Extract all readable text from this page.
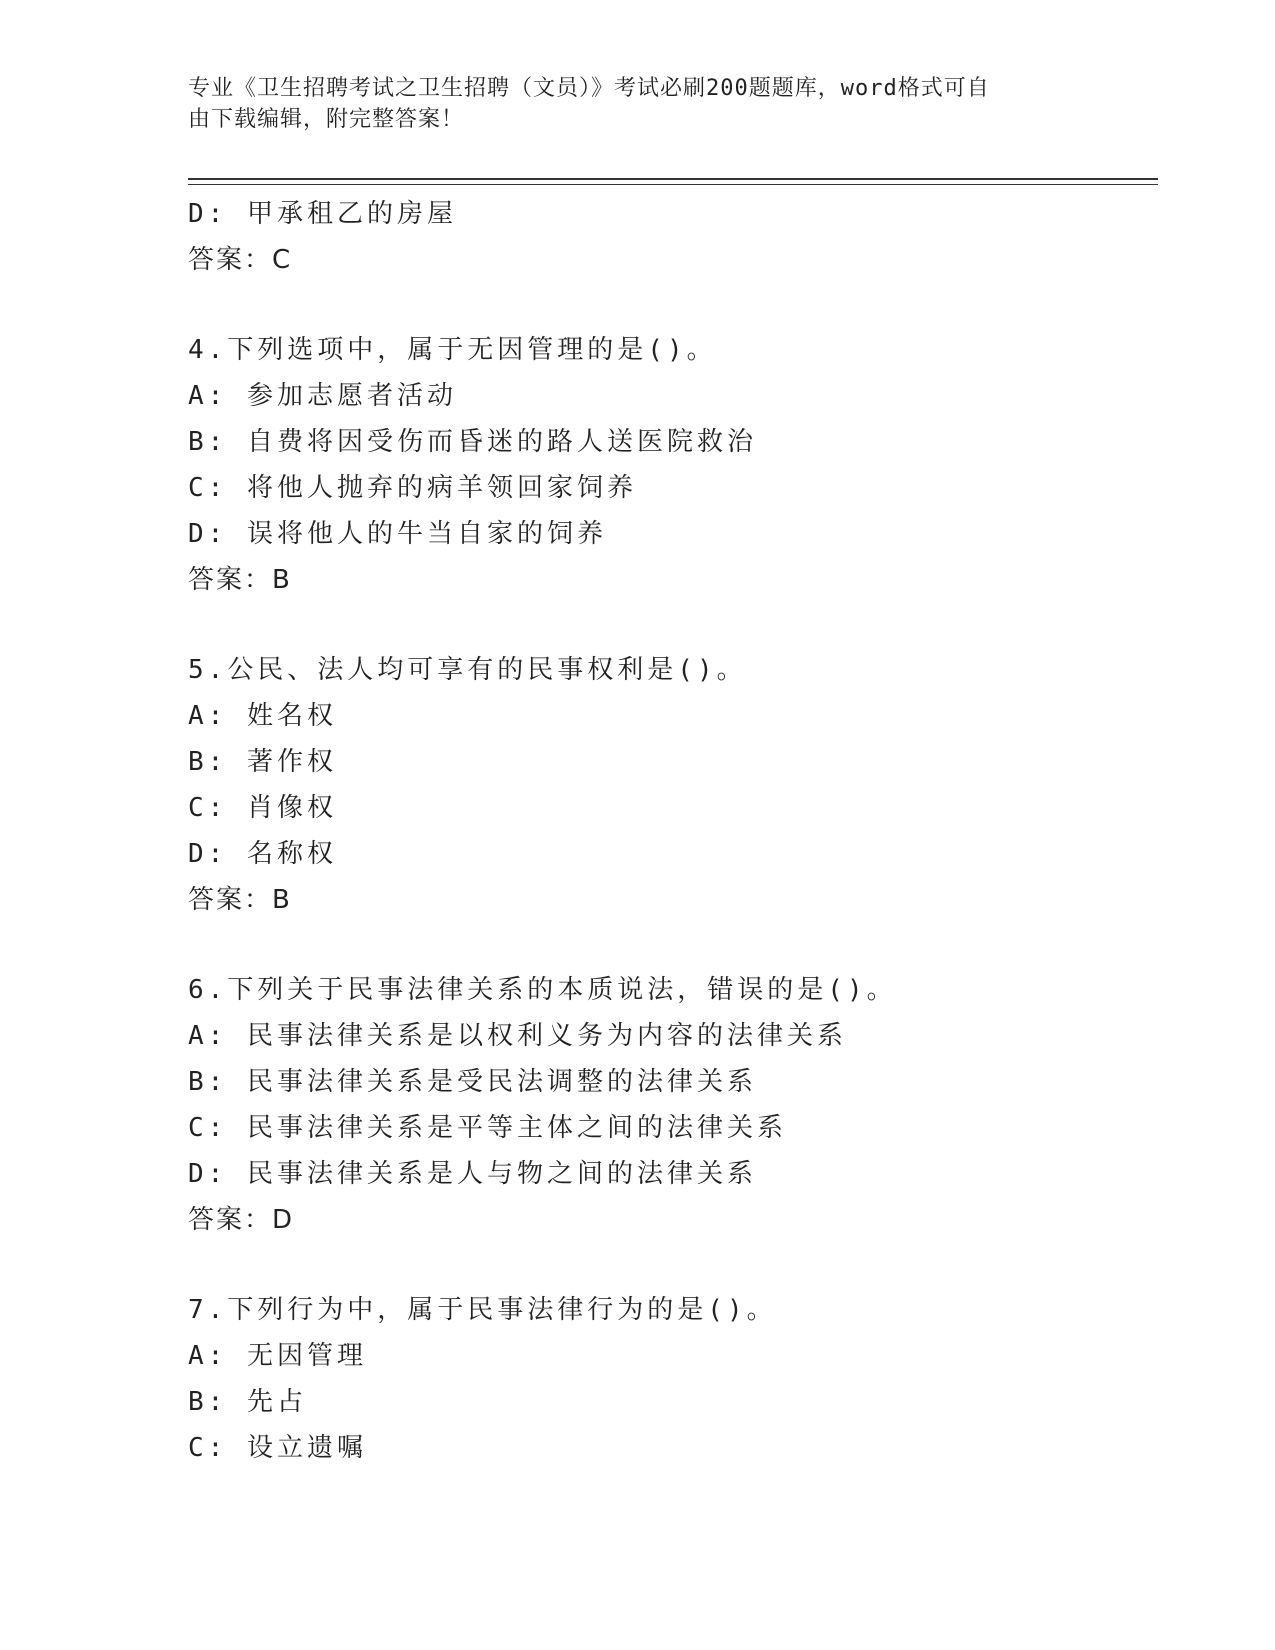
专业《卫生招聘考试之卫生招聘（文员）》考试必刷200题题库，word格式可自
由下载编辑，附完整答案！
D: 甲承租乙的房屋
答案：C
4.下列选项中，属于无因管理的是()。
A: 参加志愿者活动
B: 自费将因受伤而昏迷的路人送医院救治
C: 将他人抛弃的病羊领回家饲养
D: 误将他人的牛当自家的饲养
答案：B
5.公民、法人均可享有的民事权利是()。
A: 姓名权
B: 著作权
C: 肖像权
D: 名称权
答案：B
6.下列关于民事法律关系的本质说法，错误的是()。
A: 民事法律关系是以权利义务为内容的法律关系
B: 民事法律关系是受民法调整的法律关系
C: 民事法律关系是平等主体之间的法律关系
D: 民事法律关系是人与物之间的法律关系
答案：D
7.下列行为中，属于民事法律行为的是()。
A: 无因管理
B: 先占
C: 设立遗嘱
